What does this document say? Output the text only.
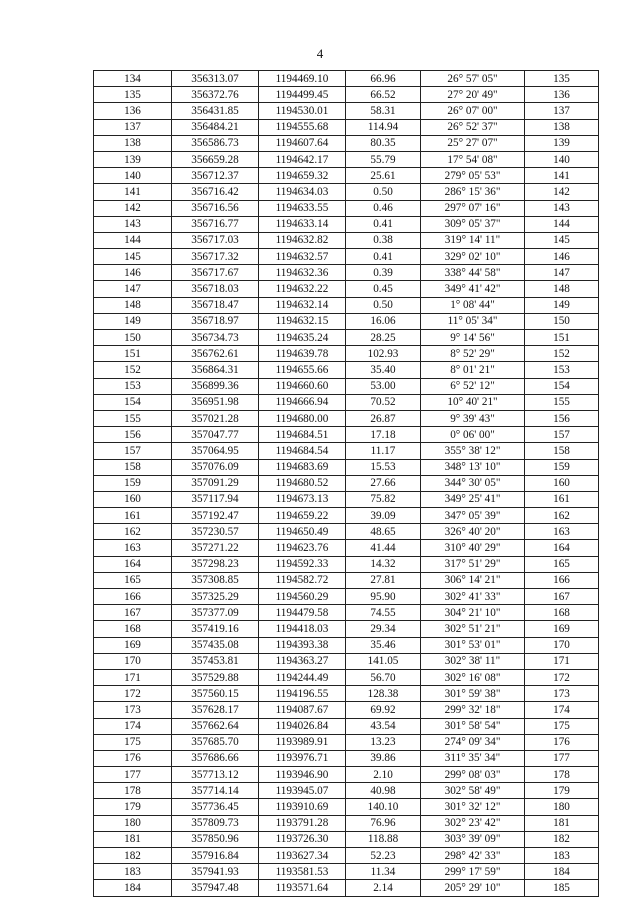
4
134	356313.07	1194469.10	66.96	26° 57' 05"	135
135	356372.76	1194499.45	66.52	27° 20' 49"	136
136	356431.85	1194530.01	58.31	26° 07' 00"	137
137	356484.21	1194555.68	114.94	26° 52' 37"	138
138	356586.73	1194607.64	80.35	25° 27' 07"	139
139	356659.28	1194642.17	55.79	17° 54' 08"	140
140	356712.37	1194659.32	25.61	279° 05' 53"	141
141	356716.42	1194634.03	0.50	286° 15' 36"	142
142	356716.56	1194633.55	0.46	297° 07' 16"	143
143	356716.77	1194633.14	0.41	309° 05' 37"	144
144	356717.03	1194632.82	0.38	319° 14' 11"	145
145	356717.32	1194632.57	0.41	329° 02' 10"	146
146	356717.67	1194632.36	0.39	338° 44' 58"	147
147	356718.03	1194632.22	0.45	349° 41' 42"	148
148	356718.47	1194632.14	0.50	1° 08' 44"	149
149	356718.97	1194632.15	16.06	11° 05' 34"	150
150	356734.73	1194635.24	28.25	9° 14' 56"	151
151	356762.61	1194639.78	102.93	8° 52' 29"	152
152	356864.31	1194655.66	35.40	8° 01' 21"	153
153	356899.36	1194660.60	53.00	6° 52' 12"	154
154	356951.98	1194666.94	70.52	10° 40' 21"	155
155	357021.28	1194680.00	26.87	9° 39' 43"	156
156	357047.77	1194684.51	17.18	0° 06' 00"	157
157	357064.95	1194684.54	11.17	355° 38' 12"	158
158	357076.09	1194683.69	15.53	348° 13' 10"	159
159	357091.29	1194680.52	27.66	344° 30' 05"	160
160	357117.94	1194673.13	75.82	349° 25' 41"	161
161	357192.47	1194659.22	39.09	347° 05' 39"	162
162	357230.57	1194650.49	48.65	326° 40' 20"	163
163	357271.22	1194623.76	41.44	310° 40' 29"	164
164	357298.23	1194592.33	14.32	317° 51' 29"	165
165	357308.85	1194582.72	27.81	306° 14' 21"	166
166	357325.29	1194560.29	95.90	302° 41' 33"	167
167	357377.09	1194479.58	74.55	304° 21' 10"	168
168	357419.16	1194418.03	29.34	302° 51' 21"	169
169	357435.08	1194393.38	35.46	301° 53' 01"	170
170	357453.81	1194363.27	141.05	302° 38' 11"	171
171	357529.88	1194244.49	56.70	302° 16' 08"	172
172	357560.15	1194196.55	128.38	301° 59' 38"	173
173	357628.17	1194087.67	69.92	299° 32' 18"	174
174	357662.64	1194026.84	43.54	301° 58' 54"	175
175	357685.70	1193989.91	13.23	274° 09' 34"	176
176	357686.66	1193976.71	39.86	311° 35' 34"	177
177	357713.12	1193946.90	2.10	299° 08' 03"	178
178	357714.14	1193945.07	40.98	302° 58' 49"	179
179	357736.45	1193910.69	140.10	301° 32' 12"	180
180	357809.73	1193791.28	76.96	302° 23' 42"	181
181	357850.96	1193726.30	118.88	303° 39' 09"	182
182	357916.84	1193627.34	52.23	298° 42' 33"	183
183	357941.93	1193581.53	11.34	299° 17' 59"	184
184	357947.48	1193571.64	2.14	205° 29' 10"	185
